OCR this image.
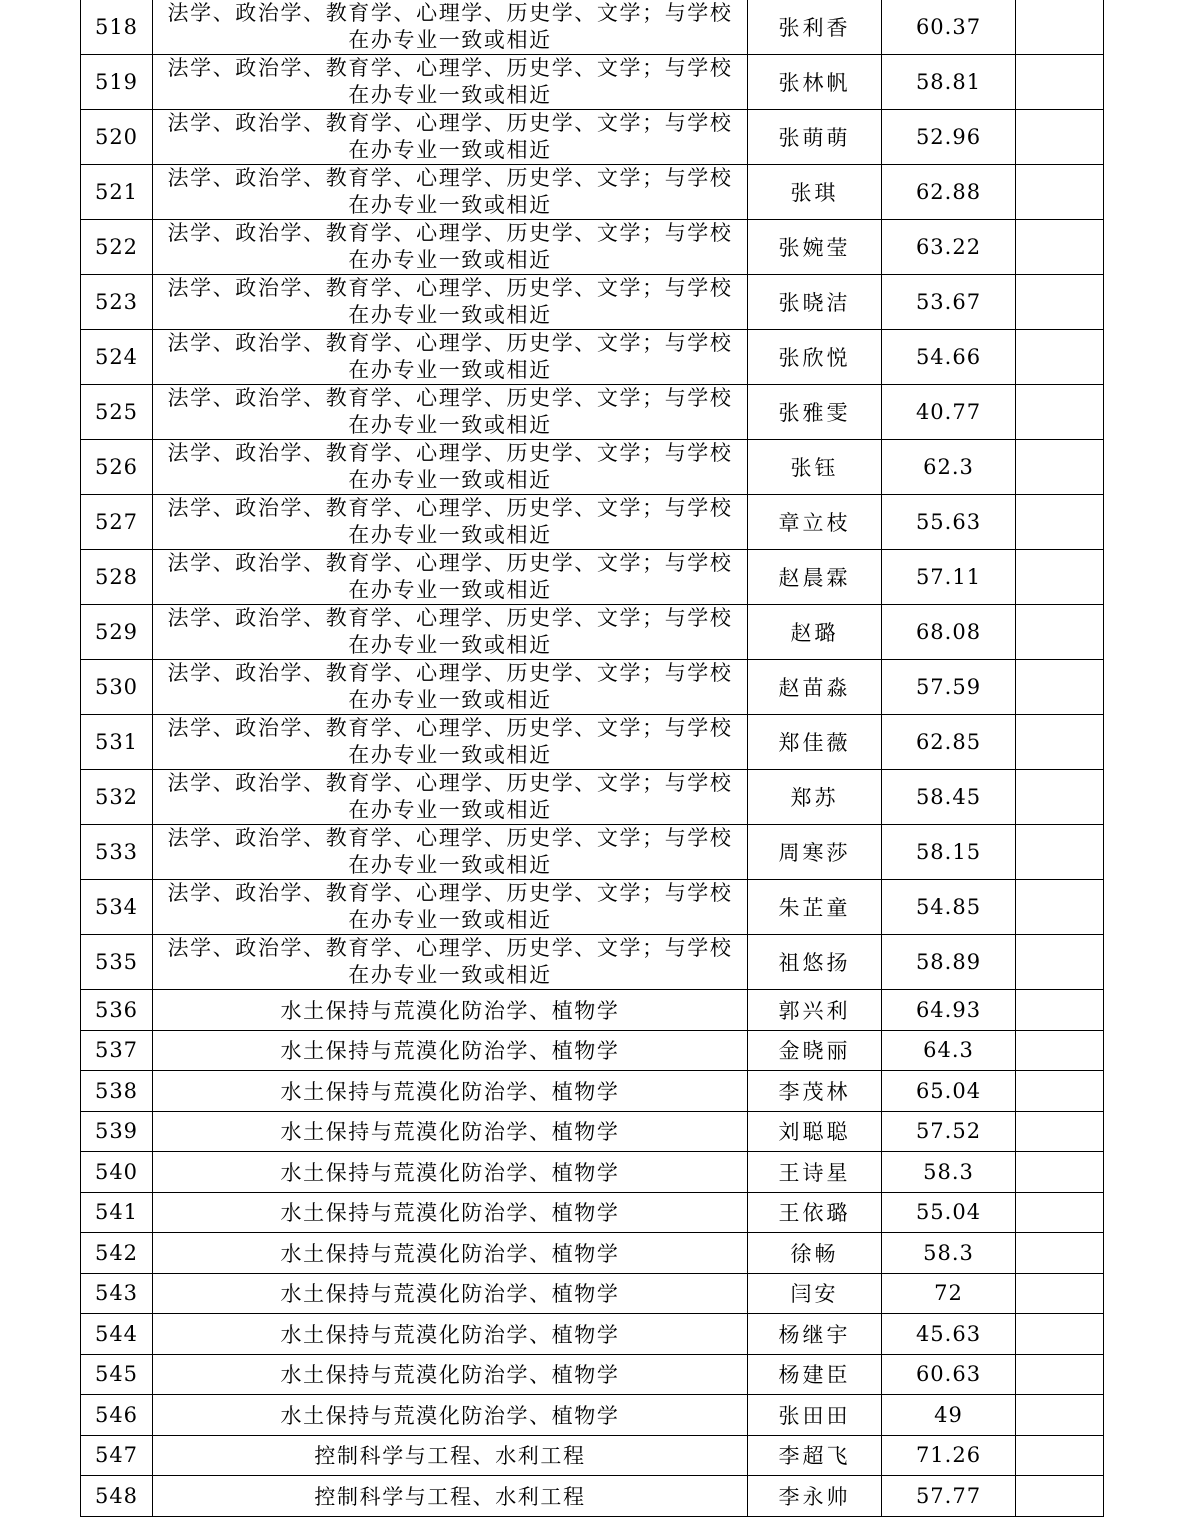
518	法学、政治学、教育学、心理学、历史学、文学；与学校在办专业一致或相近	张利香	60.37	
519	法学、政治学、教育学、心理学、历史学、文学；与学校在办专业一致或相近	张林帆	58.81	
520	法学、政治学、教育学、心理学、历史学、文学；与学校在办专业一致或相近	张萌萌	52.96	
521	法学、政治学、教育学、心理学、历史学、文学；与学校在办专业一致或相近	张琪	62.88	
522	法学、政治学、教育学、心理学、历史学、文学；与学校在办专业一致或相近	张婉莹	63.22	
523	法学、政治学、教育学、心理学、历史学、文学；与学校在办专业一致或相近	张晓洁	53.67	
524	法学、政治学、教育学、心理学、历史学、文学；与学校在办专业一致或相近	张欣悦	54.66	
525	法学、政治学、教育学、心理学、历史学、文学；与学校在办专业一致或相近	张雅雯	40.77	
526	法学、政治学、教育学、心理学、历史学、文学；与学校在办专业一致或相近	张钰	62.3	
527	法学、政治学、教育学、心理学、历史学、文学；与学校在办专业一致或相近	章立枝	55.63	
528	法学、政治学、教育学、心理学、历史学、文学；与学校在办专业一致或相近	赵晨霖	57.11	
529	法学、政治学、教育学、心理学、历史学、文学；与学校在办专业一致或相近	赵璐	68.08	
530	法学、政治学、教育学、心理学、历史学、文学；与学校在办专业一致或相近	赵苗淼	57.59	
531	法学、政治学、教育学、心理学、历史学、文学；与学校在办专业一致或相近	郑佳薇	62.85	
532	法学、政治学、教育学、心理学、历史学、文学；与学校在办专业一致或相近	郑苏	58.45	
533	法学、政治学、教育学、心理学、历史学、文学；与学校在办专业一致或相近	周寒莎	58.15	
534	法学、政治学、教育学、心理学、历史学、文学；与学校在办专业一致或相近	朱芷童	54.85	
535	法学、政治学、教育学、心理学、历史学、文学；与学校在办专业一致或相近	祖悠扬	58.89	
536	水土保持与荒漠化防治学、植物学	郭兴利	64.93	
537	水土保持与荒漠化防治学、植物学	金晓丽	64.3	
538	水土保持与荒漠化防治学、植物学	李茂林	65.04	
539	水土保持与荒漠化防治学、植物学	刘聪聪	57.52	
540	水土保持与荒漠化防治学、植物学	王诗星	58.3	
541	水土保持与荒漠化防治学、植物学	王依璐	55.04	
542	水土保持与荒漠化防治学、植物学	徐畅	58.3	
543	水土保持与荒漠化防治学、植物学	闫安	72	
544	水土保持与荒漠化防治学、植物学	杨继宇	45.63	
545	水土保持与荒漠化防治学、植物学	杨建臣	60.63	
546	水土保持与荒漠化防治学、植物学	张田田	49	
547	控制科学与工程、水利工程	李超飞	71.26	
548	控制科学与工程、水利工程	李永帅	57.77	
